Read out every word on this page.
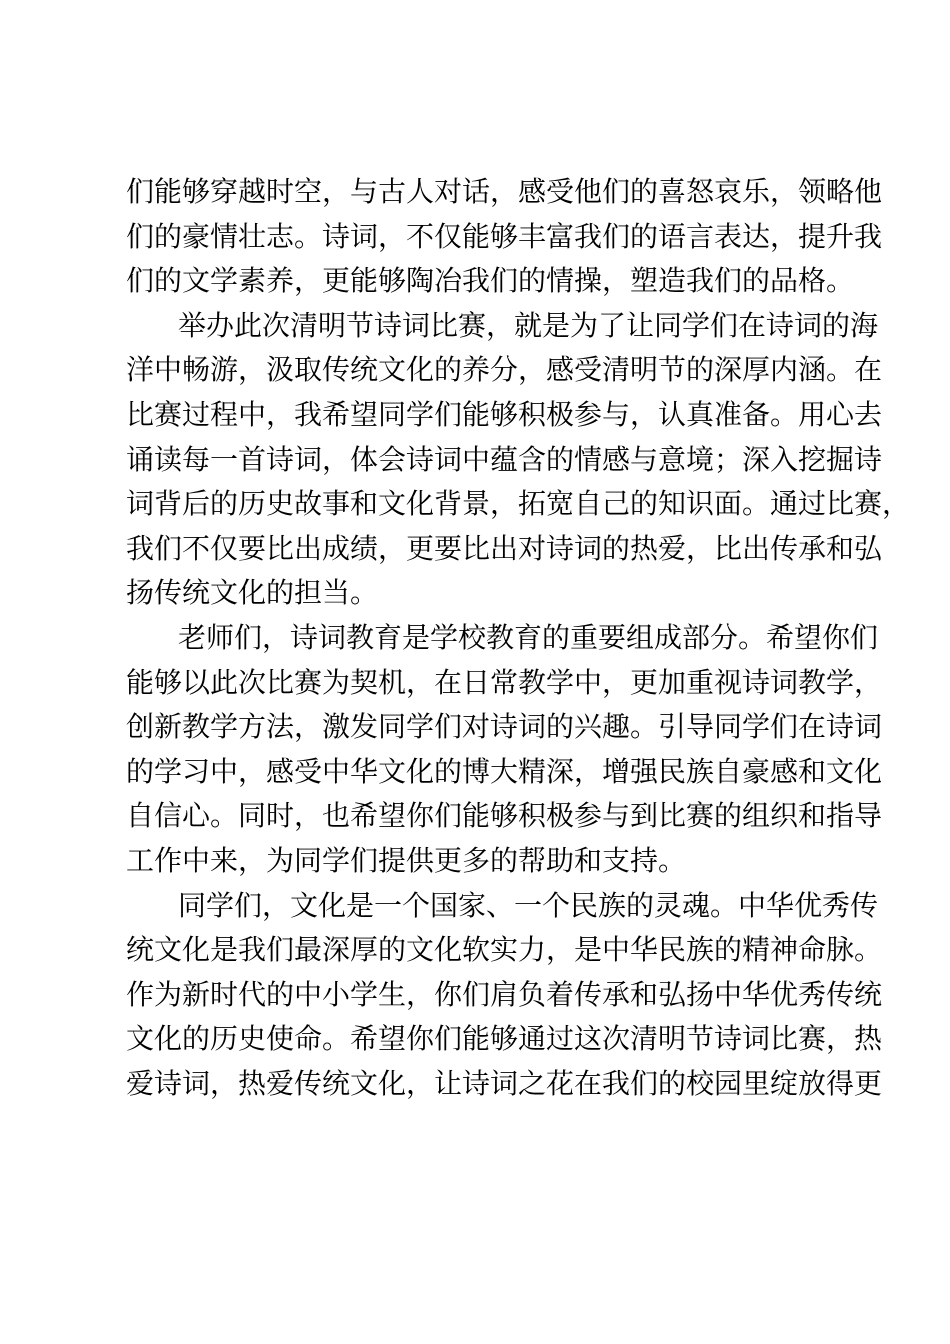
们能够穿越时空，与古人对话，感受他们的喜怒哀乐，领略他
们的豪情壮志。诗词，不仅能够丰富我们的语言表达，提升我
们的文学素养，更能够陶冶我们的情操，塑造我们的品格。
举办此次清明节诗词比赛，就是为了让同学们在诗词的海
洋中畅游，汲取传统文化的养分，感受清明节的深厚内涵。在
比赛过程中，我希望同学们能够积极参与，认真准备。用心去
诵读每一首诗词，体会诗词中蕴含的情感与意境；深入挖掘诗
词背后的历史故事和文化背景，拓宽自己的知识面。通过比赛，
我们不仅要比出成绩，更要比出对诗词的热爱，比出传承和弘
扬传统文化的担当。
老师们，诗词教育是学校教育的重要组成部分。希望你们
能够以此次比赛为契机，在日常教学中，更加重视诗词教学，
创新教学方法，激发同学们对诗词的兴趣。引导同学们在诗词
的学习中，感受中华文化的博大精深，增强民族自豪感和文化
自信心。同时，也希望你们能够积极参与到比赛的组织和指导
工作中来，为同学们提供更多的帮助和支持。
同学们，文化是一个国家、一个民族的灵魂。中华优秀传
统文化是我们最深厚的文化软实力，是中华民族的精神命脉。
作为新时代的中小学生，你们肩负着传承和弘扬中华优秀传统
文化的历史使命。希望你们能够通过这次清明节诗词比赛，热
爱诗词，热爱传统文化，让诗词之花在我们的校园里绽放得更
